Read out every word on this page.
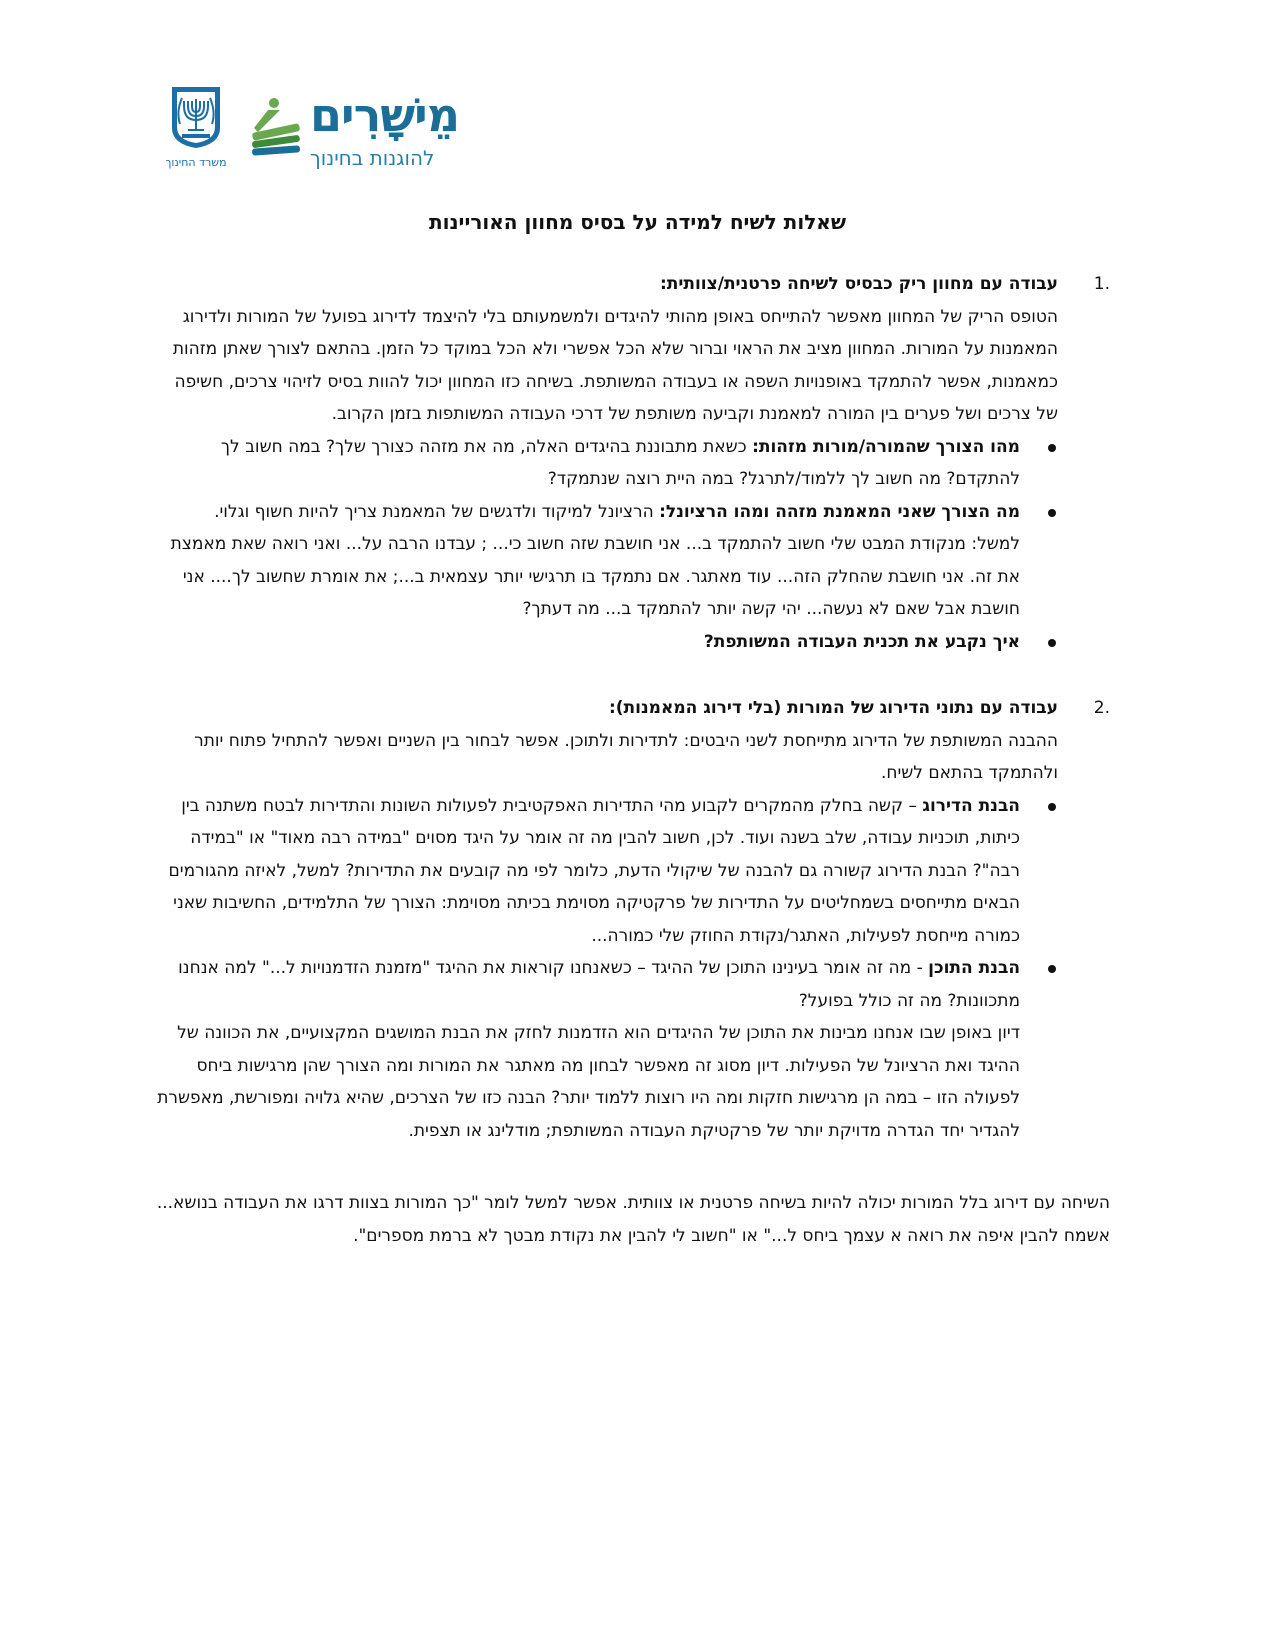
משרד החינוך
מֵישָׁרִים
להוגנות בחינוך
שאלות לשיח למידה על בסיס מחוון האוריינות
.1
עבודה עם מחוון ריק כבסיס לשיחה פרטנית/צוותית:
הטופס הריק של המחוון מאפשר להתייחס באופן מהותי להיגדים ולמשמעותם בלי להיצמד לדירוג בפועל של המורות ולדירוג המאמנות על המורות. המחוון מציב את הראוי וברור שלא הכל אפשרי ולא הכל במוקד כל הזמן. בהתאם לצורך שאתן מזהות כמאמנות, אפשר להתמקד באופנויות השפה או בעבודה המשותפת. בשיחה כזו המחוון יכול להוות בסיס לזיהוי צרכים, חשיפה של צרכים ושל פערים בין המורה למאמנת וקביעה משותפת של דרכי העבודה המשותפות בזמן הקרוב.
מהו הצורך שהמורה/מורות מזהות: כשאת מתבוננת בהיגדים האלה, מה את מזהה כצורך שלך? במה חשוב לך להתקדם? מה חשוב לך ללמוד/לתרגל? במה היית רוצה שנתמקד?
מה הצורך שאני המאמנת מזהה ומהו הרציונל: הרציונל למיקוד ולדגשים של המאמנת צריך להיות חשוף וגלוי.
למשל: מנקודת המבט שלי חשוב להתמקד ב... אני חושבת שזה חשוב כי... ; עבדנו הרבה על... ואני רואה שאת מאמצת את זה. אני חושבת שהחלק הזה... עוד מאתגר. אם נתמקד בו תרגישי יותר עצמאית ב...; את אומרת שחשוב לך.... אני חושבת אבל שאם לא נעשה... יהי קשה יותר להתמקד ב... מה דעתך?
איך נקבע את תכנית העבודה המשותפת?
.2
עבודה עם נתוני הדירוג של המורות (בלי דירוג המאמנות):
ההבנה המשותפת של הדירוג מתייחסת לשני היבטים: לתדירות ולתוכן. אפשר לבחור בין השניים ואפשר להתחיל פתוח יותר ולהתמקד בהתאם לשיח.
הבנת הדירוג – קשה בחלק מהמקרים לקבוע מהי התדירות האפקטיבית לפעולות השונות והתדירות לבטח משתנה בין כיתות, תוכניות עבודה, שלב בשנה ועוד. לכן, חשוב להבין מה זה אומר על היגד מסוים "במידה רבה מאוד" או "במידה רבה"? הבנת הדירוג קשורה גם להבנה של שיקולי הדעת, כלומר לפי מה קובעים את התדירות? למשל, לאיזה מהגורמים הבאים מתייחסים בשמחליטים על התדירות של פרקטיקה מסוימת בכיתה מסוימת: הצורך של התלמידים, החשיבות שאני כמורה מייחסת לפעילות, האתגר/נקודת החוזק שלי כמורה...
הבנת התוכן - מה זה אומר בעינינו התוכן של ההיגד – כשאנחנו קוראות את ההיגד "מזמנת הזדמנויות ל..." למה אנחנו מתכוונות? מה זה כולל בפועל?
דיון באופן שבו אנחנו מבינות את התוכן של ההיגדים הוא הזדמנות לחזק את הבנת המושגים המקצועיים, את הכוונה של ההיגד ואת הרציונל של הפעילות. דיון מסוג זה מאפשר לבחון מה מאתגר את המורות ומה הצורך שהן מרגישות ביחס לפעולה הזו – במה הן מרגישות חזקות ומה היו רוצות ללמוד יותר? הבנה כזו של הצרכים, שהיא גלויה ומפורשת, מאפשרת להגדיר יחד הגדרה מדויקת יותר של פרקטיקת העבודה המשותפת; מודלינג או תצפית.
השיחה עם דירוג בלל המורות יכולה להיות בשיחה פרטנית או צוותית. אפשר למשל לומר "כך המורות בצוות דרגו את העבודה בנושא... אשמח להבין איפה את רואה א עצמך ביחס ל..." או "חשוב לי להבין את נקודת מבטך לא ברמת מספרים".
